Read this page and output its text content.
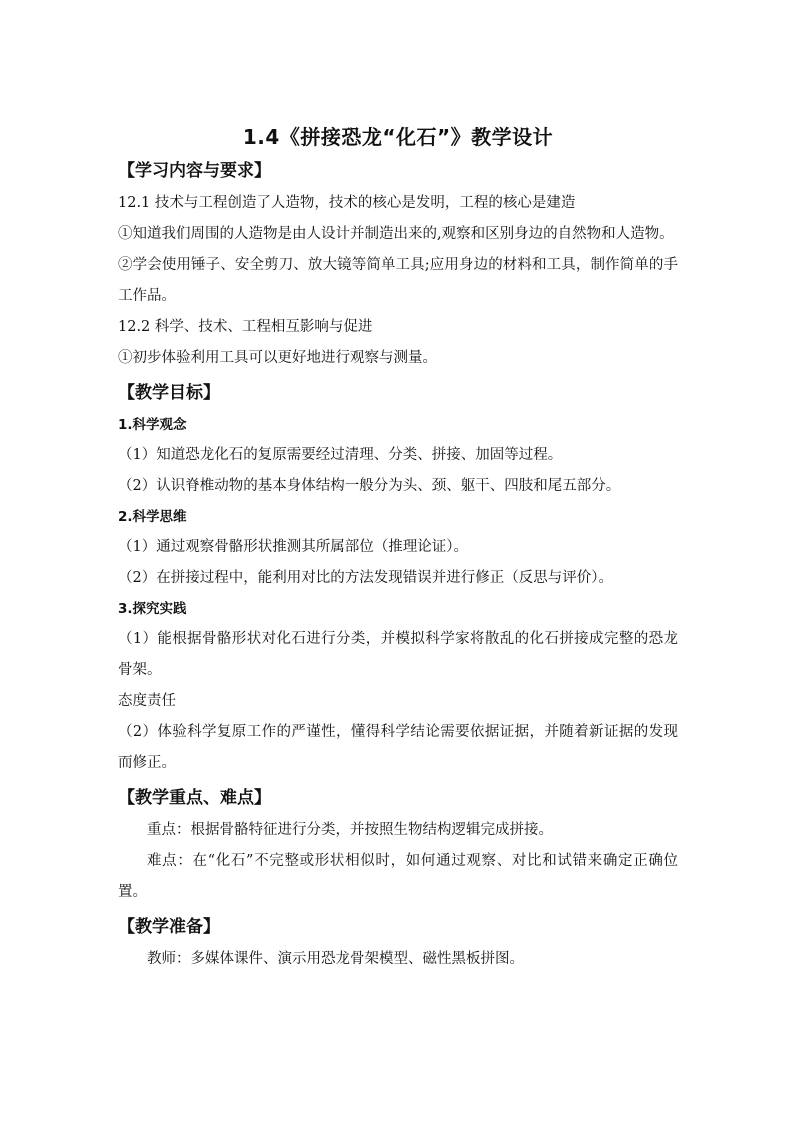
1.4《拼接恐龙“化石”》教学设计
【学习内容与要求】

12.1 技术与工程创造了人造物，技术的核心是发明，工程的核心是建造

①知道我们周围的人造物是由人设计并制造出来的,观察和区别身边的自然物和人造物。

②学会使用锤子、安全剪刀、放大镜等简单工具;应用身边的材料和工具，制作简单的手工作品。

12.2 科学、技术、工程相互影响与促进

①初步体验利用工具可以更好地进行观察与测量。

【教学目标】
1.科学观念

（1）知道恐龙化石的复原需要经过清理、分类、拼接、加固等过程。

（2）认识脊椎动物的基本身体结构一般分为头、颈、躯干、四肢和尾五部分。

2.科学思维

（1）通过观察骨骼形状推测其所属部位（推理论证）。

（2）在拼接过程中，能利用对比的方法发现错误并进行修正（反思与评价）。

3.探究实践

（1）能根据骨骼形状对化石进行分类，并模拟科学家将散乱的化石拼接成完整的恐龙骨架。

态度责任

（2）体验科学复原工作的严谨性，懂得科学结论需要依据证据，并随着新证据的发现而修正。

【教学重点、难点】

重点：根据骨骼特征进行分类，并按照生物结构逻辑完成拼接。

难点：在“化石”不完整或形状相似时，如何通过观察、对比和试错来确定正确位置。

【教学准备】

教师：多媒体课件、演示用恐龙骨架模型、磁性黑板拼图。
